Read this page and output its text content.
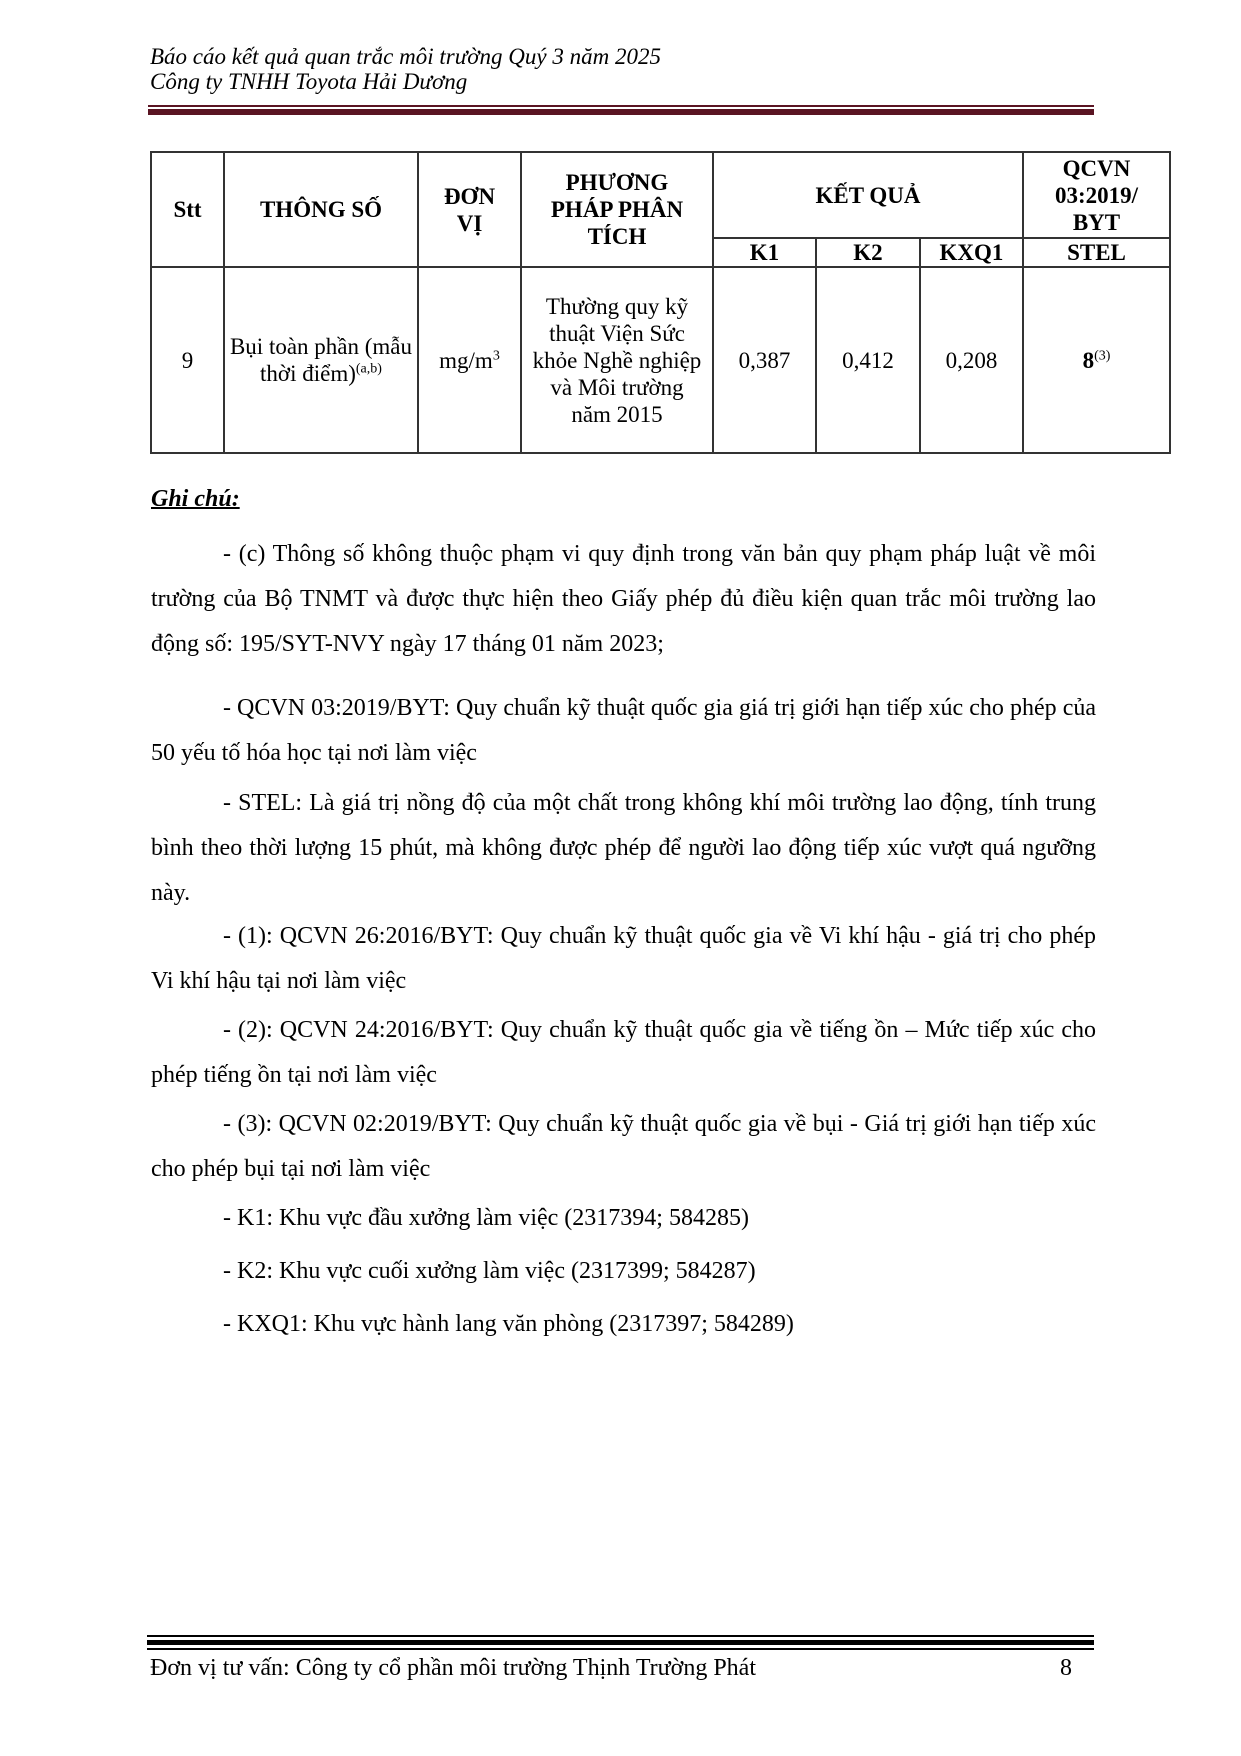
Báo cáo kết quả quan trắc môi trường Quý 3 năm 2025
Công ty TNHH Toyota Hải Dương
Stt	THÔNG SỐ	ĐƠN VỊ	PHƯƠNG PHÁP PHÂN TÍCH	KẾT QUẢ			QCVN 03:2019/ BYT
				K1	K2	KXQ1	STEL
9	Bụi toàn phần (mẫu thời điểm)$^{(a,b)}$	$mg/m^3$	Thường quy kỹ thuật Viện Sức khỏe Nghề nghiệp và Môi trường năm 2015	0,387	0,412	0,208	8$^{(3)}$
Ghi chú:
- (c) Thông số không thuộc phạm vi quy định trong văn bản quy phạm pháp luật về môi trường của Bộ TNMT và được thực hiện theo Giấy phép đủ điều kiện quan trắc môi trường lao động số: 195/SYT-NVY ngày 17 tháng 01 năm 2023;
- QCVN 03:2019/BYT: Quy chuẩn kỹ thuật quốc gia giá trị giới hạn tiếp xúc cho phép của 50 yếu tố hóa học tại nơi làm việc
- STEL: Là giá trị nồng độ của một chất trong không khí môi trường lao động, tính trung bình theo thời lượng 15 phút, mà không được phép để người lao động tiếp xúc vượt quá ngưỡng này.
- (1): QCVN 26:2016/BYT: Quy chuẩn kỹ thuật quốc gia về Vi khí hậu - giá trị cho phép Vi khí hậu tại nơi làm việc
- (2): QCVN 24:2016/BYT: Quy chuẩn kỹ thuật quốc gia về tiếng ồn – Mức tiếp xúc cho phép tiếng ồn tại nơi làm việc
- (3): QCVN 02:2019/BYT: Quy chuẩn kỹ thuật quốc gia về bụi - Giá trị giới hạn tiếp xúc cho phép bụi tại nơi làm việc
- K1: Khu vực đầu xưởng làm việc (2317394; 584285)
- K2: Khu vực cuối xưởng làm việc (2317399; 584287)
- KXQ1: Khu vực hành lang văn phòng (2317397; 584289)
Đơn vị tư vấn: Công ty cổ phần môi trường Thịnh Trường Phát	8
